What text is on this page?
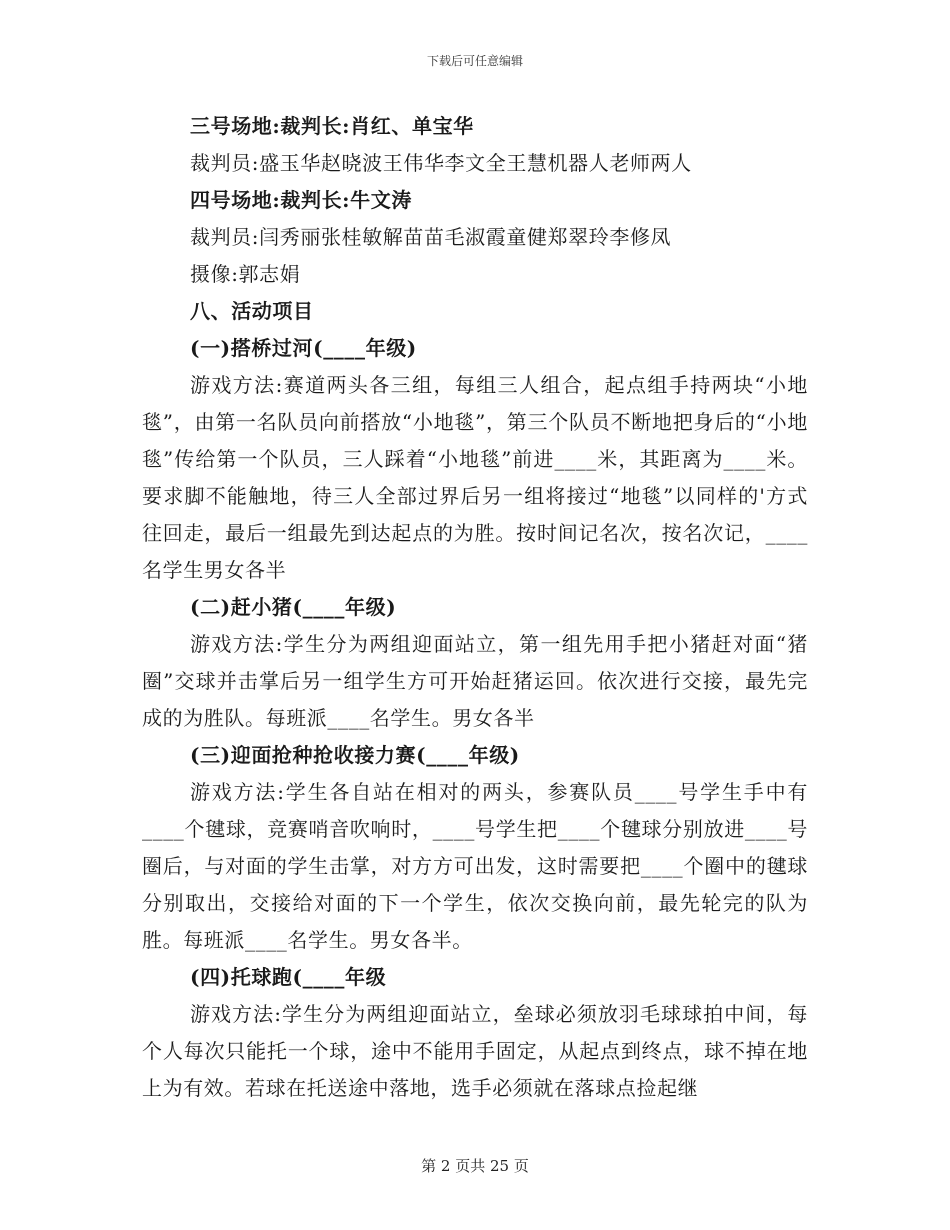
下载后可任意编辑

三号场地:裁判长:肖红、单宝华

裁判员:盛玉华赵晓波王伟华李文全王慧机器人老师两人

四号场地:裁判长:牛文涛

裁判员:闫秀丽张桂敏解苗苗毛淑霞童健郑翠玲李修凤

摄像:郭志娟

八、活动项目

(一)搭桥过河(____年级)

游戏方法:赛道两头各三组，每组三人组合，起点组手持两块“小地毯”，由第一名队员向前搭放“小地毯”，第三个队员不断地把身后的“小地毯”传给第一个队员，三人踩着“小地毯”前进____米，其距离为____米。要求脚不能触地，待三人全部过界后另一组将接过“地毯”以同样的'方式往回走，最后一组最先到达起点的为胜。按时间记名次，按名次记，____名学生男女各半

(二)赶小猪(____年级)

游戏方法:学生分为两组迎面站立，第一组先用手把小猪赶对面“猪圈”交球并击掌后另一组学生方可开始赶猪运回。依次进行交接，最先完成的为胜队。每班派____名学生。男女各半

(三)迎面抢种抢收接力赛(____年级)

游戏方法:学生各自站在相对的两头，参赛队员____号学生手中有____个毽球，竞赛哨音吹响时，____号学生把____个毽球分别放进____号圈后，与对面的学生击掌，对方方可出发，这时需要把____个圈中的毽球分别取出，交接给对面的下一个学生，依次交换向前，最先轮完的队为胜。每班派____名学生。男女各半。

(四)托球跑(____年级

游戏方法:学生分为两组迎面站立，垒球必须放羽毛球球拍中间，每个人每次只能托一个球，途中不能用手固定，从起点到终点，球不掉在地上为有效。若球在托送途中落地，选手必须就在落球点捡起继

第 2 页共 25 页
